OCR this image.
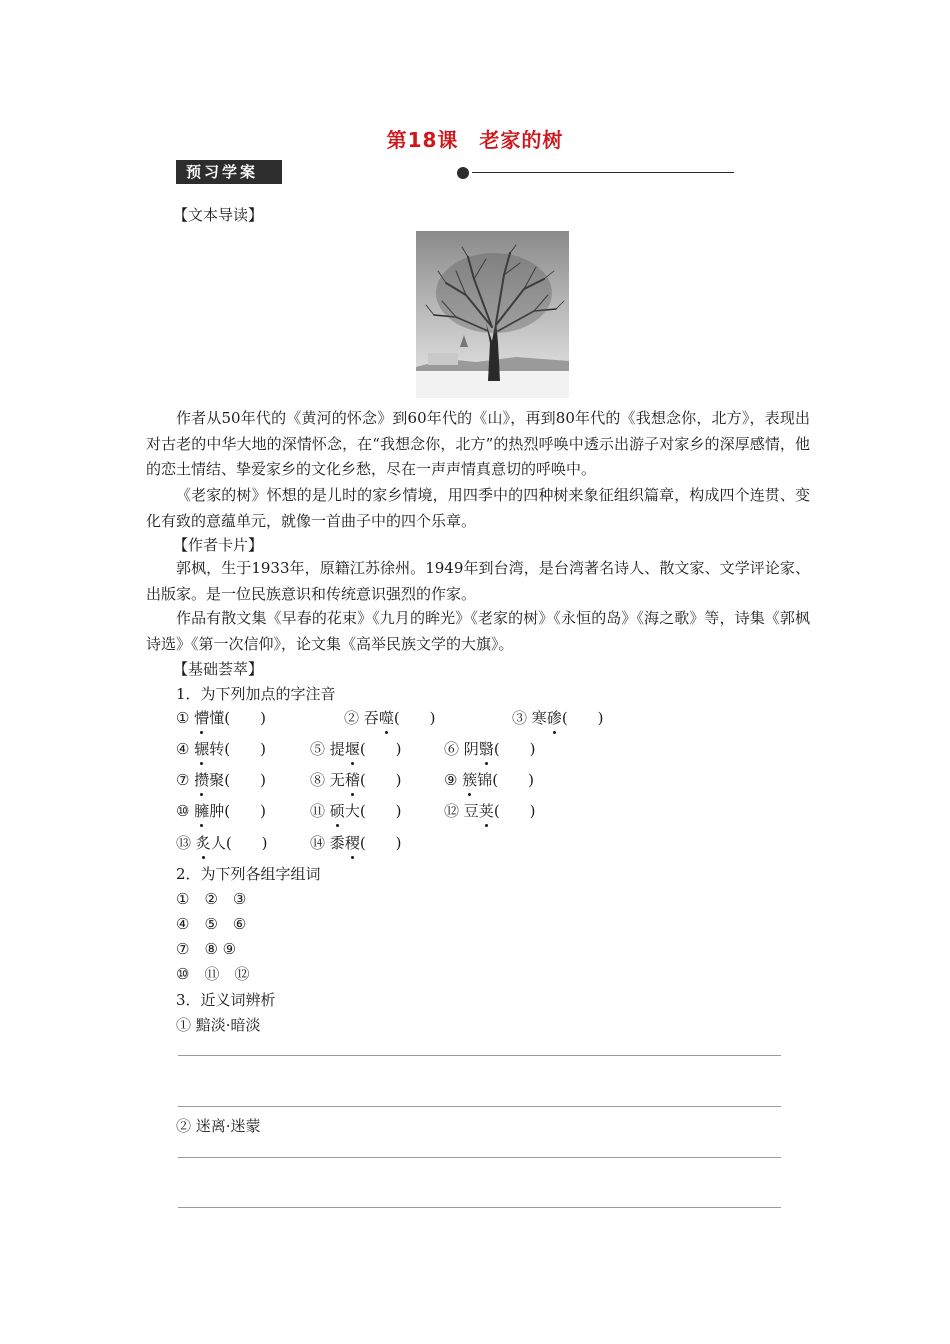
第18课　老家的树
预习学案
【文本导读】
作者从50年代的《黄河的怀念》到60年代的《山》，再到80年代的《我想念你，北方》，表现出对古老的中华大地的深情怀念，在“我想念你，北方”的热烈呼唤中透示出游子对家乡的深厚感情，他的恋土情结、挚爱家乡的文化乡愁，尽在一声声情真意切的呼唤中。
《老家的树》怀想的是儿时的家乡情境，用四季中的四种树来象征组织篇章，构成四个连贯、变化有致的意蕴单元，就像一首曲子中的四个乐章。
【作者卡片】
郭枫，生于1933年，原籍江苏徐州。1949年到台湾，是台湾著名诗人、散文家、文学评论家、出版家。是一位民族意识和传统意识强烈的作家。
作品有散文集《早春的花束》《九月的眸光》《老家的树》《永恒的岛》《海之歌》等，诗集《郭枫诗选》《第一次信仰》，论文集《高举民族文学的大旗》。
【基础荟萃】
1．为下列加点的字注音
① 懵懂(　　)	② 吞噬(　　)	③ 寒碜(　　)
④ 辗转(　　)	⑤ 提堰(　　)	⑥ 阴翳(　　)
⑦ 攒聚(　　)	⑧ 无稽(　　)	⑨ 簇锦(　　)
⑩ 臃肿(　　)	⑪ 硕大(　　)	⑫ 豆荚(　　)
⑬ 炙人(　　)	⑭ 黍稷(　　)
2．为下列各组字组词
①　②　③
④　⑤　⑥
⑦　⑧ ⑨
⑩　⑪　⑫
3．近义词辨析
① 黯淡·暗淡
② 迷离·迷蒙
